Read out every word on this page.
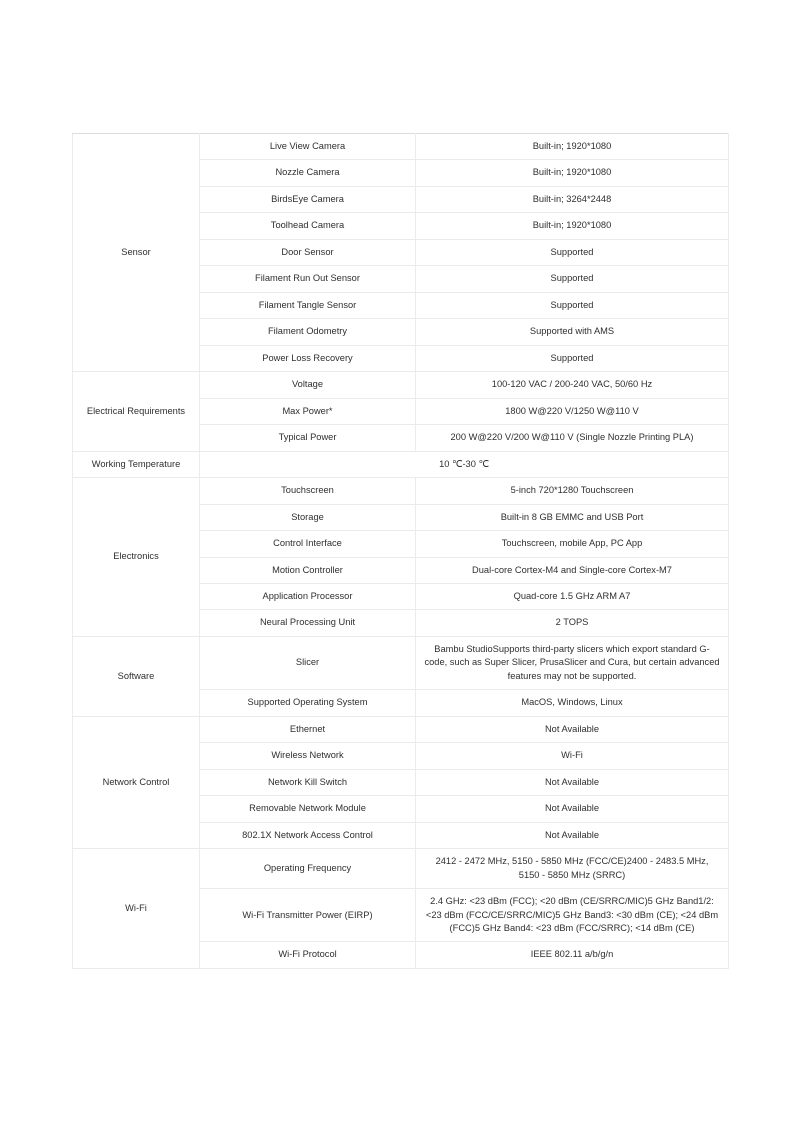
Sensor	Live View Camera	Built-in; 1920*1080
	Nozzle Camera	Built-in; 1920*1080
	BirdsEye Camera	Built-in; 3264*2448
	Toolhead Camera	Built-in; 1920*1080
	Door Sensor	Supported
	Filament Run Out Sensor	Supported
	Filament Tangle Sensor	Supported
	Filament Odometry	Supported with AMS
	Power Loss Recovery	Supported
Electrical Requirements	Voltage	100-120 VAC / 200-240 VAC, 50/60 Hz
	Max Power*	1800 W@220 V/1250 W@110 V
	Typical Power	200 W@220 V/200 W@110 V (Single Nozzle Printing PLA)
Working Temperature	10 ℃-30 ℃	
Electronics	Touchscreen	5-inch 720*1280 Touchscreen
	Storage	Built-in 8 GB EMMC and USB Port
	Control Interface	Touchscreen, mobile App, PC App
	Motion Controller	Dual-core Cortex-M4 and Single-core Cortex-M7
	Application Processor	Quad-core 1.5 GHz ARM A7
	Neural Processing Unit	2 TOPS
Software	Slicer	Bambu StudioSupports third-party slicers which export standard G-code, such as Super Slicer, PrusaSlicer and Cura, but certain advanced features may not be supported.
	Supported Operating System	MacOS, Windows, Linux
Network Control	Ethernet	Not Available
	Wireless Network	Wi-Fi
	Network Kill Switch	Not Available
	Removable Network Module	Not Available
	802.1X Network Access Control	Not Available
Wi-Fi	Operating Frequency	2412 - 2472 MHz, 5150 - 5850 MHz (FCC/CE)2400 - 2483.5 MHz, 5150 - 5850 MHz (SRRC)
	Wi-Fi Transmitter Power (EIRP)	2.4 GHz: <23 dBm (FCC); <20 dBm (CE/SRRC/MIC)5 GHz Band1/2: <23 dBm (FCC/CE/SRRC/MIC)5 GHz Band3: <30 dBm (CE); <24 dBm (FCC)5 GHz Band4: <23 dBm (FCC/SRRC); <14 dBm (CE)
	Wi-Fi Protocol	IEEE 802.11 a/b/g/n
